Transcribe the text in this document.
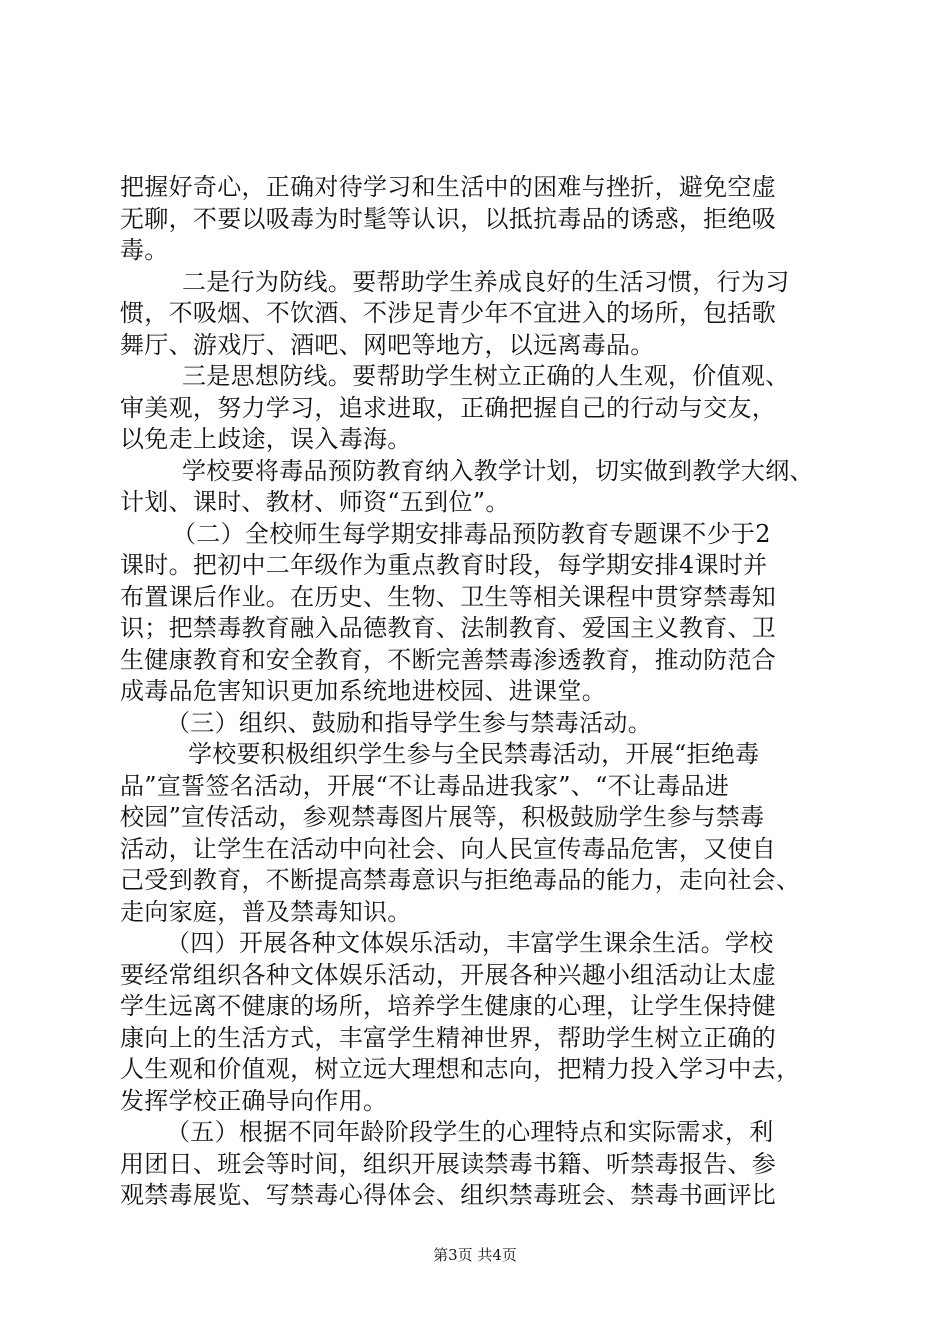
把握好奇心，正确对待学习和生活中的困难与挫折，避免空虚
无聊，不要以吸毒为时髦等认识，以抵抗毒品的诱惑，拒绝吸
毒。
二是行为防线。要帮助学生养成良好的生活习惯，行为习
惯，不吸烟、不饮酒、不涉足青少年不宜进入的场所，包括歌
舞厅、游戏厅、酒吧、网吧等地方，以远离毒品。
三是思想防线。要帮助学生树立正确的人生观，价值观、
审美观，努力学习，追求进取，正确把握自己的行动与交友，
以免走上歧途，误入毒海。
学校要将毒品预防教育纳入教学计划，切实做到教学大纲、
计划、课时、教材、师资“五到位”。
（二）全校师生每学期安排毒品预防教育专题课不少于2
课时。把初中二年级作为重点教育时段，每学期安排4课时并
布置课后作业。在历史、生物、卫生等相关课程中贯穿禁毒知
识；把禁毒教育融入品德教育、法制教育、爱国主义教育、卫
生健康教育和安全教育，不断完善禁毒渗透教育，推动防范合
成毒品危害知识更加系统地进校园、进课堂。
（三）组织、鼓励和指导学生参与禁毒活动。
学校要积极组织学生参与全民禁毒活动，开展“拒绝毒
品”宣誓签名活动，开展“不让毒品进我家”、“不让毒品进
校园”宣传活动，参观禁毒图片展等，积极鼓励学生参与禁毒
活动，让学生在活动中向社会、向人民宣传毒品危害，又使自
己受到教育，不断提高禁毒意识与拒绝毒品的能力，走向社会、
走向家庭，普及禁毒知识。
（四）开展各种文体娱乐活动，丰富学生课余生活。学校
要经常组织各种文体娱乐活动，开展各种兴趣小组活动让太虚
学生远离不健康的场所，培养学生健康的心理，让学生保持健
康向上的生活方式，丰富学生精神世界，帮助学生树立正确的
人生观和价值观，树立远大理想和志向，把精力投入学习中去，
发挥学校正确导向作用。
（五）根据不同年龄阶段学生的心理特点和实际需求，利
用团日、班会等时间，组织开展读禁毒书籍、听禁毒报告、参
观禁毒展览、写禁毒心得体会、组织禁毒班会、禁毒书画评比
第3页 共4页
